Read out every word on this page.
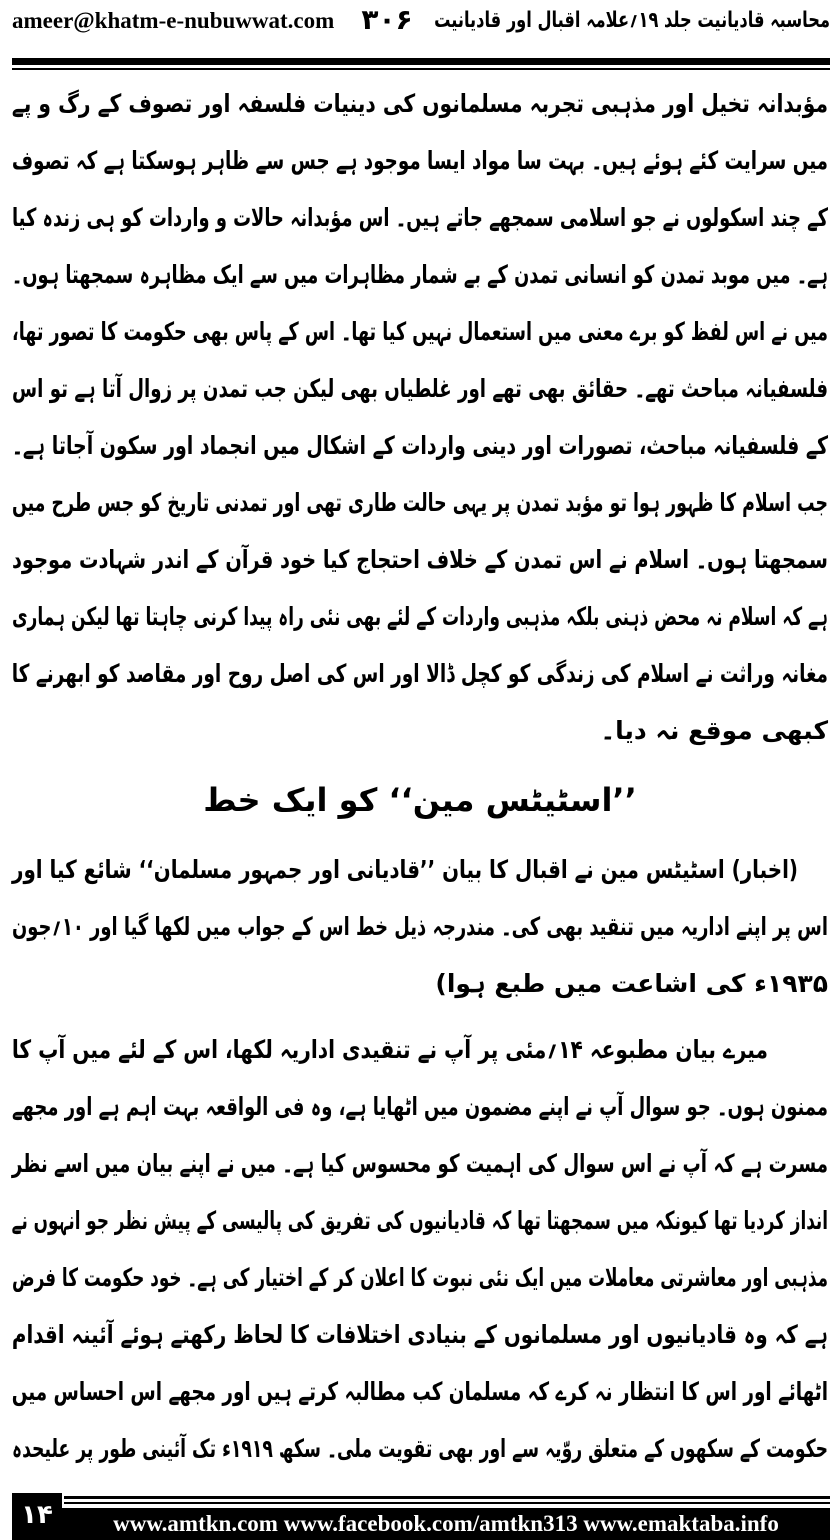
ameer@khatm-e-nubuwwat.com ۳۰۶ محاسبہ قادیانیت جلد ۱۹؍علامہ اقبال اور قادیانیت
مؤبدانہ تخیل اور مذہبی تجربہ مسلمانوں کی دینیات فلسفہ اور تصوف کے رگ و پے
میں سرایت کئے ہوئے ہیں۔ بہت سا مواد ایسا موجود ہے جس سے ظاہر ہوسکتا ہے کہ تصوف
کے چند اسکولوں نے جو اسلامی سمجھے جاتے ہیں۔ اس مؤبدانہ حالات و واردات کو ہی زندہ کیا
ہے۔ میں موبد تمدن کو انسانی تمدن کے بے شمار مظاہرات میں سے ایک مظاہرہ سمجھتا ہوں۔
میں نے اس لفظ کو برے معنی میں استعمال نہیں کیا تھا۔ اس کے پاس بھی حکومت کا تصور تھا،
فلسفیانہ مباحث تھے۔ حقائق بھی تھے اور غلطیاں بھی لیکن جب تمدن پر زوال آتا ہے تو اس
کے فلسفیانہ مباحث، تصورات اور دینی واردات کے اشکال میں انجماد اور سکون آجاتا ہے۔
جب اسلام کا ظہور ہوا تو مؤبد تمدن پر یہی حالت طاری تھی اور تمدنی تاریخ کو جس طرح میں
سمجھتا ہوں۔ اسلام نے اس تمدن کے خلاف احتجاج کیا خود قرآن کے اندر شہادت موجود
ہے کہ اسلام نہ محض ذہنی بلکہ مذہبی واردات کے لئے بھی نئی راہ پیدا کرنی چاہتا تھا لیکن ہماری
مغانہ وراثت نے اسلام کی زندگی کو کچل ڈالا اور اس کی اصل روح اور مقاصد کو ابھرنے کا
کبھی موقع نہ دیا۔
’’اسٹیٹس مین‘‘ کو ایک خط
(اخبار) اسٹیٹس مین نے اقبال کا بیان ’’قادیانی اور جمہور مسلمان‘‘ شائع کیا اور
اس پر اپنے اداریہ میں تنقید بھی کی۔ مندرجہ ذیل خط اس کے جواب میں لکھا گیا اور ۱۰؍جون
۱۹۳۵ء کی اشاعت میں طبع ہوا)
میرے بیان مطبوعہ ۱۴؍مئی پر آپ نے تنقیدی اداریہ لکھا، اس کے لئے میں آپ کا
ممنون ہوں۔ جو سوال آپ نے اپنے مضمون میں اٹھایا ہے، وہ فی الواقعہ بہت اہم ہے اور مجھے
مسرت ہے کہ آپ نے اس سوال کی اہمیت کو محسوس کیا ہے۔ میں نے اپنے بیان میں اسے نظر
انداز کردیا تھا کیونکہ میں سمجھتا تھا کہ قادیانیوں کی تفریق کی پالیسی کے پیش نظر جو انہوں نے
مذہبی اور معاشرتی معاملات میں ایک نئی نبوت کا اعلان کر کے اختیار کی ہے۔ خود حکومت کا فرض
ہے کہ وہ قادیانیوں اور مسلمانوں کے بنیادی اختلافات کا لحاظ رکھتے ہوئے آئینہ اقدام
اٹھائے اور اس کا انتظار نہ کرے کہ مسلمان کب مطالبہ کرتے ہیں اور مجھے اس احساس میں
حکومت کے سکھوں کے متعلق روّیہ سے اور بھی تقویت ملی۔ سکھ ۱۹۱۹ء تک آئینی طور پر علیحدہ
۱۴	www.amtkn.com www.facebook.com/amtkn313 www.emaktaba.info
